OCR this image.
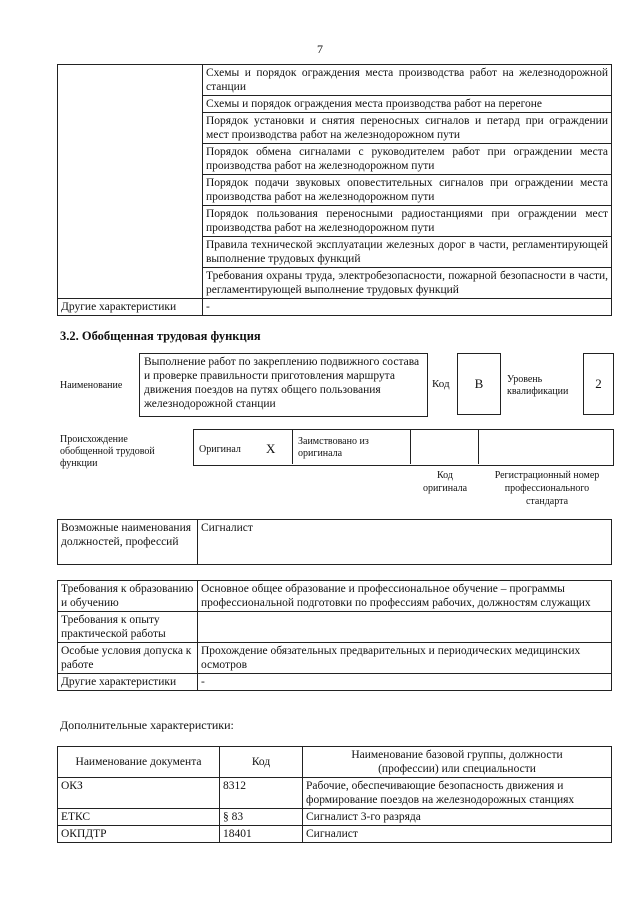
7
	Схемы и порядок ограждения места производства работ на железнодорожной станции
	Схемы и порядок ограждения места производства работ на перегоне
	Порядок установки и снятия переносных сигналов и петард при ограждении мест производства работ на железнодорожном пути
	Порядок обмена сигналами с руководителем работ при ограждении места производства работ на железнодорожном пути
	Порядок подачи звуковых оповестительных сигналов при ограждении места производства работ на железнодорожном пути
	Порядок пользования переносными радиостанциями при ограждении мест производства работ на железнодорожном пути
	Правила технической эксплуатации железных дорог в части, регламентирующей выполнение трудовых функций
	Требования охраны труда, электробезопасности, пожарной безопасности в части, регламентирующей выполнение трудовых функций
Другие характеристики	-
3.2. Обобщенная трудовая функция
Наименование
Выполнение работ по закреплению подвижного состава и проверке правильности приготовления маршрута движения поездов на путях общего пользования железнодорожной станции
Код	В	Уровень квалификации
2
Происхождение обобщенной трудовой функции
Оригинал X Заимствовано из оригинала
Код оригинала
Регистрационный номер профессионального стандарта
Возможные наименования должностей, профессий	Сигналист
Требования к образованию и обучению	Основное общее образование и профессиональное обучение – программы профессиональной подготовки по профессиям рабочих, должностям служащих
Требования к опыту практической работы	
Особые условия допуска к работе	Прохождение обязательных предварительных и периодических медицинских осмотров
Другие характеристики	-
Дополнительные характеристики:
Наименование документа	Код	Наименование базовой группы, должности (профессии) или специальности
ОКЗ	8312	Рабочие, обеспечивающие безопасность движения и формирование поездов на железнодорожных станциях
ЕТКС	§ 83	Сигналист 3-го разряда
ОКПДТР	18401	Сигналист
